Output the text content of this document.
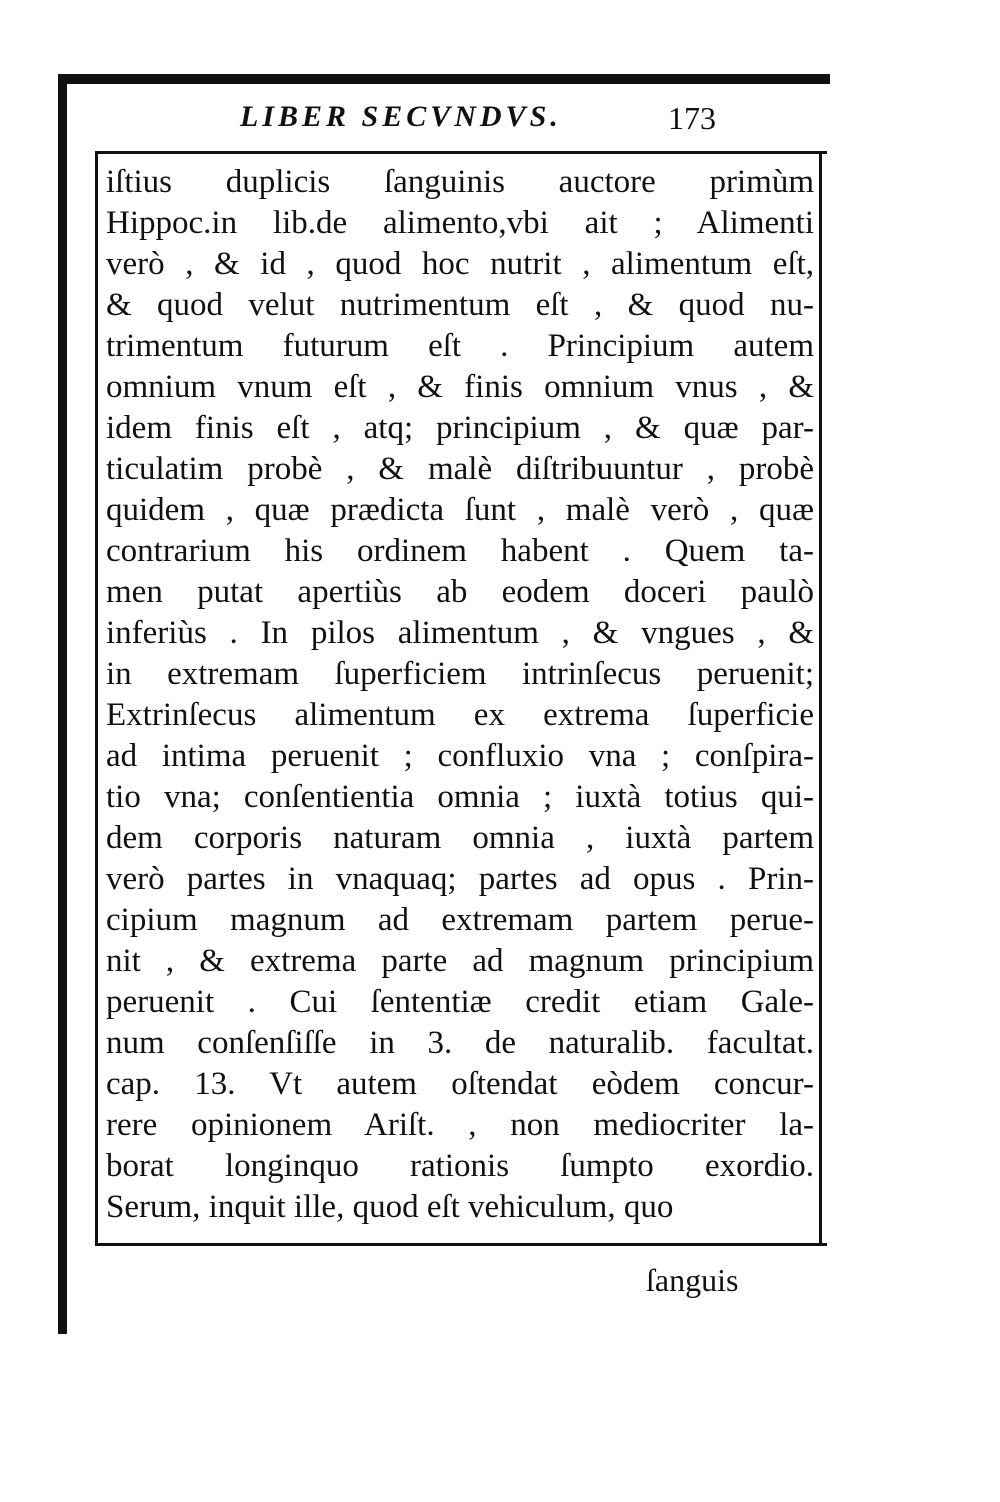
LIBER SECVNDVS.	173
iſtius duplicis ſanguinis auctore primùm
Hippoc.in lib.de alimento,vbi ait ; Alimenti
verò , & id , quod hoc nutrit , alimentum eſt,
& quod velut nutrimentum eſt , & quod nu-
trimentum futurum eſt . Principium autem
omnium vnum eſt , & finis omnium vnus , &
idem finis eſt , atq; principium , & quæ par-
ticulatim probè , & malè diſtribuuntur , probè
quidem , quæ prædicta ſunt , malè verò , quæ
contrarium his ordinem habent . Quem ta-
men putat apertiùs ab eodem doceri paulò
inferiùs . In pilos alimentum , & vngues , &
in extremam ſuperficiem intrinſecus peruenit;
Extrinſecus alimentum ex extrema ſuperficie
ad intima peruenit ; confluxio vna ; conſpira-
tio vna; conſentientia omnia ; iuxtà totius qui-
dem corporis naturam omnia , iuxtà partem
verò partes in vnaquaq; partes ad opus . Prin-
cipium magnum ad extremam partem perue-
nit , & extrema parte ad magnum principium
peruenit . Cui ſententiæ credit etiam Gale-
num conſenſiſſe in 3. de naturalib. facultat.
cap. 13. Vt autem oſtendat eòdem concur-
rere opinionem Ariſt. , non mediocriter la-
borat longinquo rationis ſumpto exordio.
Serum, inquit ille, quod eſt vehiculum, quo
ſanguis
